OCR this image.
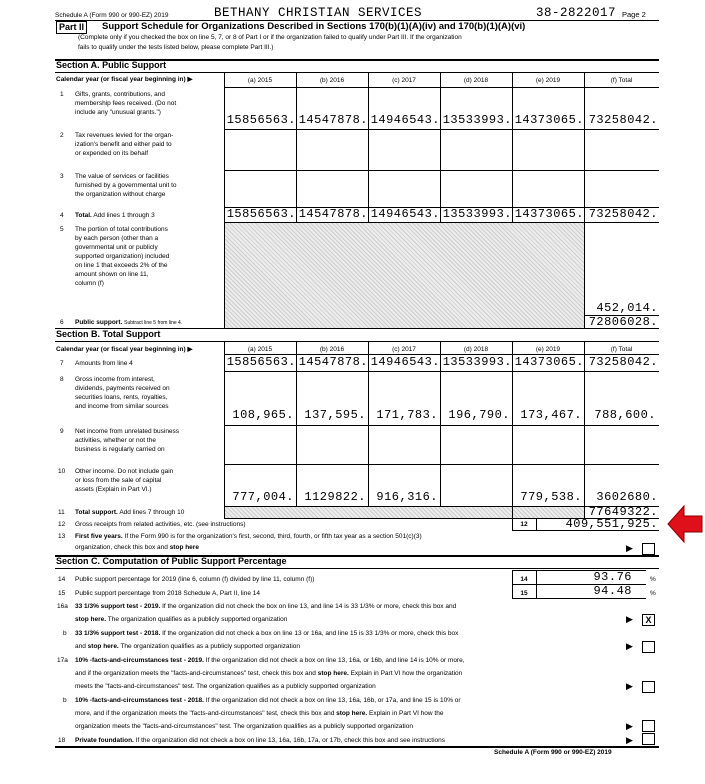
Schedule A (Form 990 or 990-EZ) 2019	BETHANY CHRISTIAN SERVICES	38-2822017 Page 2
Part II	Support Schedule for Organizations Described in Sections 170(b)(1)(A)(iv) and 170(b)(1)(A)(vi)
(Complete only if you checked the box on line 5, 7, or 8 of Part I or if the organization failed to qualify under Part III. If the organization
fails to qualify under the tests listed below, please complete Part III.)
Section A. Public Support
Calendar year (or fiscal year beginning in) ▶	(a) 2015	(b) 2016	(c) 2017	(d) 2018	(e) 2019	(f) Total
1 Gifts, grants, contributions, and
membership fees received. (Do not
include any "unusual grants.")
15856563. 14547878. 14946543. 13533993. 14373065. 73258042.
2 Tax revenues levied for the organ-
ization's benefit and either paid to
or expended on its behalf
3 The value of services or facilities
furnished by a governmental unit to
the organization without charge
4 Total. Add lines 1 through 3	15856563. 14547878. 14946543. 13533993. 14373065. 73258042.
5 The portion of total contributions
by each person (other than a
governmental unit or publicly
supported organization) included
on line 1 that exceeds 2% of the
amount shown on line 11,
column (f)
452,014.
6 Public support. Subtract line 5 from line 4.	72806028.
Section B. Total Support
Calendar year (or fiscal year beginning in) ▶	(a) 2015	(b) 2016	(c) 2017	(d) 2018	(e) 2019	(f) Total
7 Amounts from line 4	15856563. 14547878. 14946543. 13533993. 14373065. 73258042.
8 Gross income from interest,
dividends, payments received on
securities loans, rents, royalties,
and income from similar sources
108,965. 137,595. 171,783. 196,790. 173,467.	788,600.
9 Net income from unrelated business
activities, whether or not the
business is regularly carried on
10 Other income. Do not include gain
or loss from the sale of capital
assets (Explain in Part VI.)
777,004. 1129822. 916,316.	779,538.	3602680.
11 Total support. Add lines 7 through 10	77649322.
12 Gross receipts from related activities, etc. (see instructions)	12	409,551,925.
13 First five years. If the Form 990 is for the organization's first, second, third, fourth, or fifth tax year as a section 501(c)(3)
organization, check this box and stop here	▶
Section C. Computation of Public Support Percentage
14 Public support percentage for 2019 (line 6, column (f) divided by line 11, column (f))	14	93.76	%
15 Public support percentage from 2018 Schedule A, Part II, line 14	15	94.48	%
16a 33 1/3% support test - 2019. If the organization did not check the box on line 13, and line 14 is 33 1/3% or more, check this box and
stop here. The organization qualifies as a publicly supported organization	▶	X
b 33 1/3% support test - 2018. If the organization did not check a box on line 13 or 16a, and line 15 is 33 1/3% or more, check this box
and stop here. The organization qualifies as a publicly supported organization	▶
17a 10% -facts-and-circumstances test - 2019. If the organization did not check a box on line 13, 16a, or 16b, and line 14 is 10% or more,
and if the organization meets the "facts-and-circumstances" test, check this box and stop here. Explain in Part VI how the organization
meets the "facts-and-circumstances" test. The organization qualifies as a publicly supported organization	▶
b 10% -facts-and-circumstances test - 2018. If the organization did not check a box on line 13, 16a, 16b, or 17a, and line 15 is 10% or
more, and if the organization meets the "facts-and-circumstances" test, check this box and stop here. Explain in Part VI how the
organization meets the "facts-and-circumstances" test. The organization qualifies as a publicly supported organization	▶
18 Private foundation. If the organization did not check a box on line 13, 16a, 16b, 17a, or 17b, check this box and see instructions	▶
Schedule A (Form 990 or 990-EZ) 2019
